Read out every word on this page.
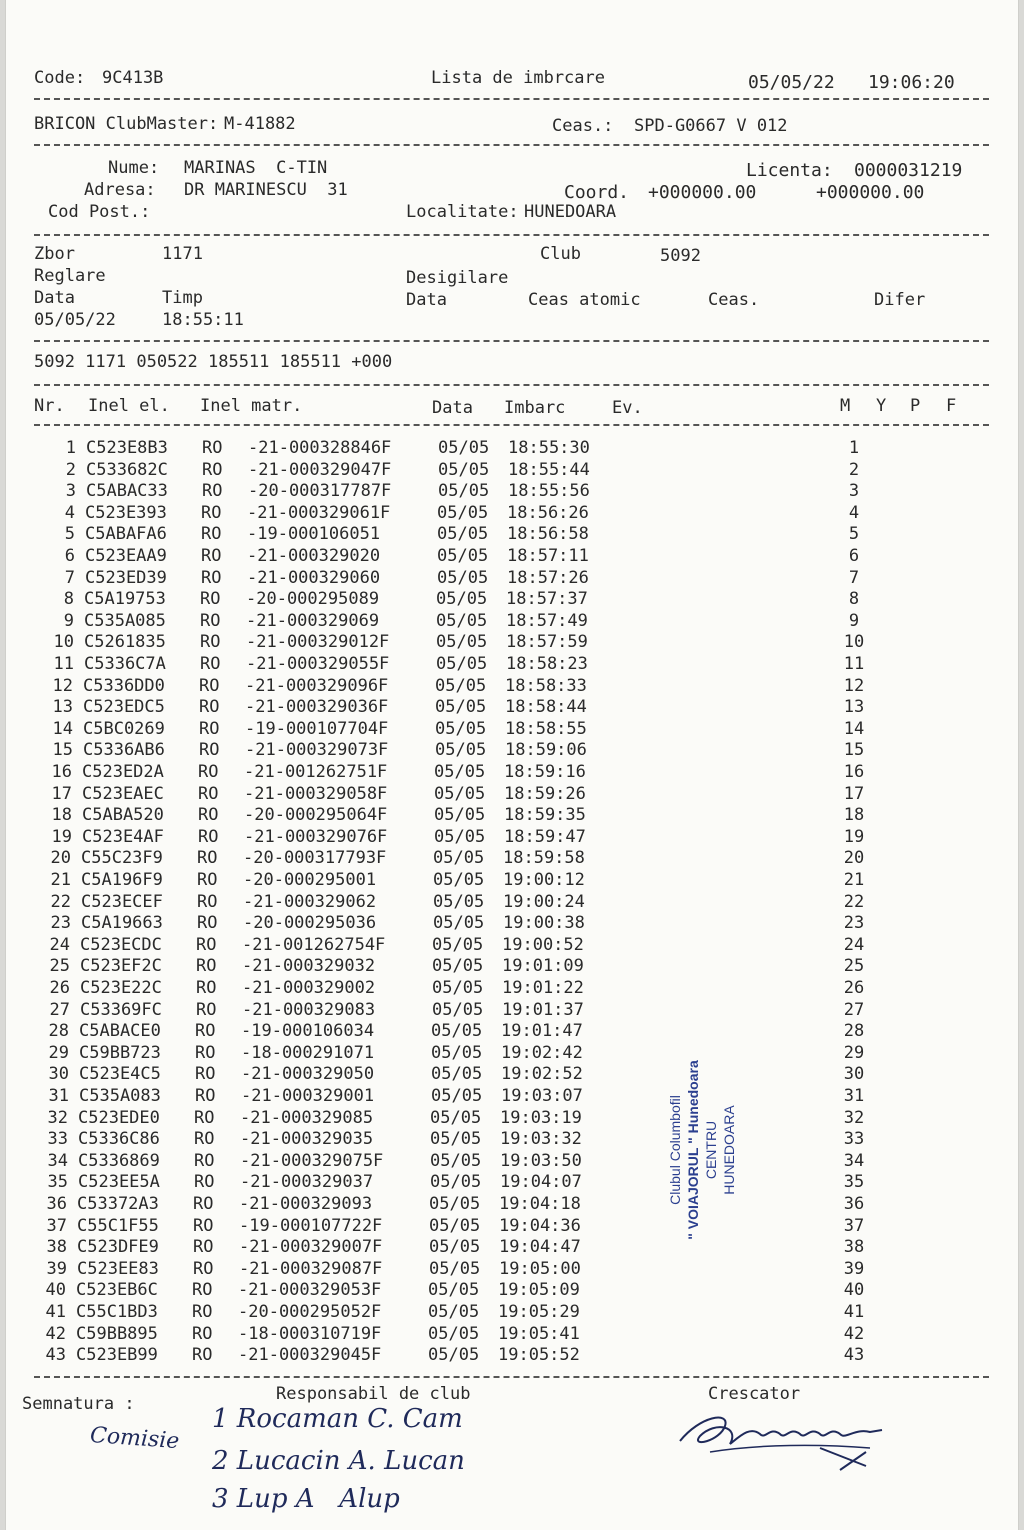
Code: 9C413B	Lista de imbrcare	05/05/22 19:06:20
BRICON ClubMaster: M-41882	Ceas.: SPD-G0667 V 012
Nume: MARINAS  C-TIN	Licenta: 0000031219
Adresa: DR MARINESCU  31	Coord. +000000.00	+000000.00
Cod Post.:	Localitate: HUNEDOARA
Zbor	1171	Club	5092
Reglare	Desigilare
Data	Timp	Data	Ceas atomic	Ceas.	Difer
05/05/22	18:55:11
5092 1171 050522 185511 185511 +000
Nr. Inel el. Inel matr.	Data Imbarc	Ev.	M Y P F
1 C523E8B3 RO -21-000328846F	05/05 18:55:30	1
2 C533682C RO -21-000329047F	05/05 18:55:44	2
3 C5ABAC33 RO -20-000317787F	05/05 18:55:56	3
4 C523E393 RO -21-000329061F	05/05 18:56:26	4
5 C5ABAFA6 RO -19-000106051	05/05 18:56:58	5
6 C523EAA9 RO -21-000329020	05/05 18:57:11	6
7 C523ED39 RO -21-000329060	05/05 18:57:26	7
8 C5A19753 RO -20-000295089	05/05 18:57:37	8
9 C535A085 RO -21-000329069	05/05 18:57:49	9
10 C5261835 RO -21-000329012F	05/05 18:57:59	10
11 C5336C7A RO -21-000329055F	05/05 18:58:23	11
12 C5336DD0 RO -21-000329096F	05/05 18:58:33	12
13 C523EDC5 RO -21-000329036F	05/05 18:58:44	13
14 C5BC0269 RO -19-000107704F	05/05 18:58:55	14
15 C5336AB6 RO -21-000329073F	05/05 18:59:06	15
16 C523ED2A RO -21-001262751F	05/05 18:59:16	16
17 C523EAEC RO -21-000329058F	05/05 18:59:26	17
18 C5ABA520 RO -20-000295064F	05/05 18:59:35	18
19 C523E4AF RO -21-000329076F	05/05 18:59:47	19
20 C55C23F9 RO -20-000317793F	05/05 18:59:58	20
21 C5A196F9 RO -20-000295001	05/05 19:00:12	21
22 C523ECEF RO -21-000329062	05/05 19:00:24	22
23 C5A19663 RO -20-000295036	05/05 19:00:38	23
24 C523ECDC RO -21-001262754F	05/05 19:00:52	24
25 C523EF2C RO -21-000329032	05/05 19:01:09	25
26 C523E22C RO -21-000329002	05/05 19:01:22	26
27 C53369FC RO -21-000329083	05/05 19:01:37	27
28 C5ABACE0 RO -19-000106034	05/05 19:01:47	28
29 C59BB723 RO -18-000291071	05/05 19:02:42	29
30 C523E4C5 RO -21-000329050	05/05 19:02:52	30
31 C535A083 RO -21-000329001	05/05 19:03:07	31
32 C523EDE0 RO -21-000329085	05/05 19:03:19	32
33 C5336C86 RO -21-000329035	05/05 19:03:32	33
34 C5336869 RO -21-000329075F	05/05 19:03:50	34
35 C523EE5A RO -21-000329037	05/05 19:04:07	35
36 C53372A3 RO -21-000329093	05/05 19:04:18	36
37 C55C1F55 RO -19-000107722F	05/05 19:04:36	37
38 C523DFE9 RO -21-000329007F	05/05 19:04:47	38
39 C523EE83 RO -21-000329087F	05/05 19:05:00	39
40 C523EB6C RO -21-000329053F	05/05 19:05:09	40
41 C55C1BD3 RO -20-000295052F	05/05 19:05:29	41
42 C59BB895 RO -18-000310719F	05/05 19:05:41	42
43 C523EB99 RO -21-000329045F	05/05 19:05:52	43
Semnatura :	Responsabil de club	Crescator
Comisie
1 Rocaman C. Cam
2 Lucacin A. Lucan
3 Lup A   Alup
Clubul Columbofil " VOIAJORUL " Hunedoara CENTRU HUNEDOARA
